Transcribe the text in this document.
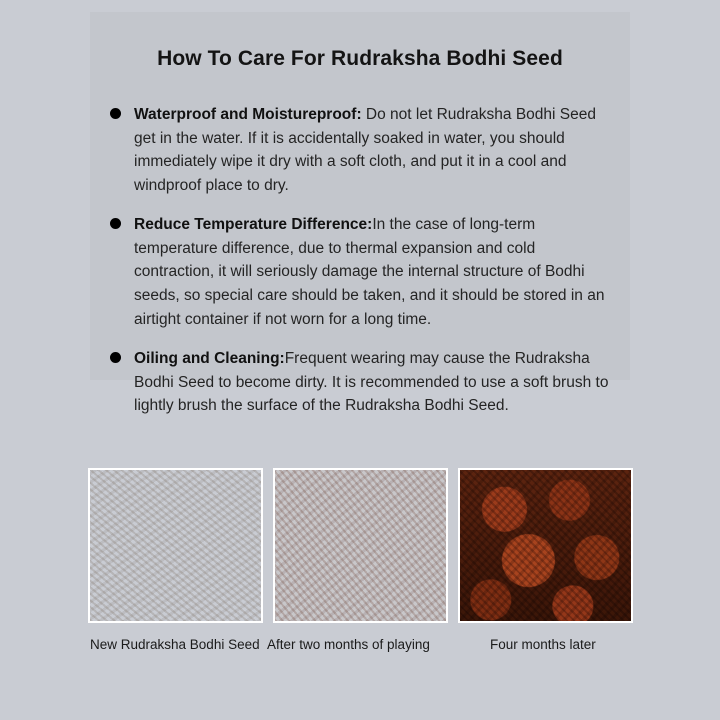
How To Care For Rudraksha Bodhi Seed
Waterproof and Moistureproof: Do not let Rudraksha Bodhi Seed get in the water. If it is accidentally soaked in water, you should immediately wipe it dry with a soft cloth, and put it in a cool and windproof place to dry.
Reduce Temperature Difference:In the case of long-term temperature difference, due to thermal expansion and cold contraction, it will seriously damage the internal structure of Bodhi seeds, so special care should be taken, and it should be stored in an airtight container if not worn for a long time.
Oiling and Cleaning:Frequent wearing may cause the Rudraksha Bodhi Seed to become dirty. It is recommended to use a soft brush to lightly brush the surface of the Rudraksha Bodhi Seed.
New Rudraksha Bodhi Seed After two months of playing	Four months later
